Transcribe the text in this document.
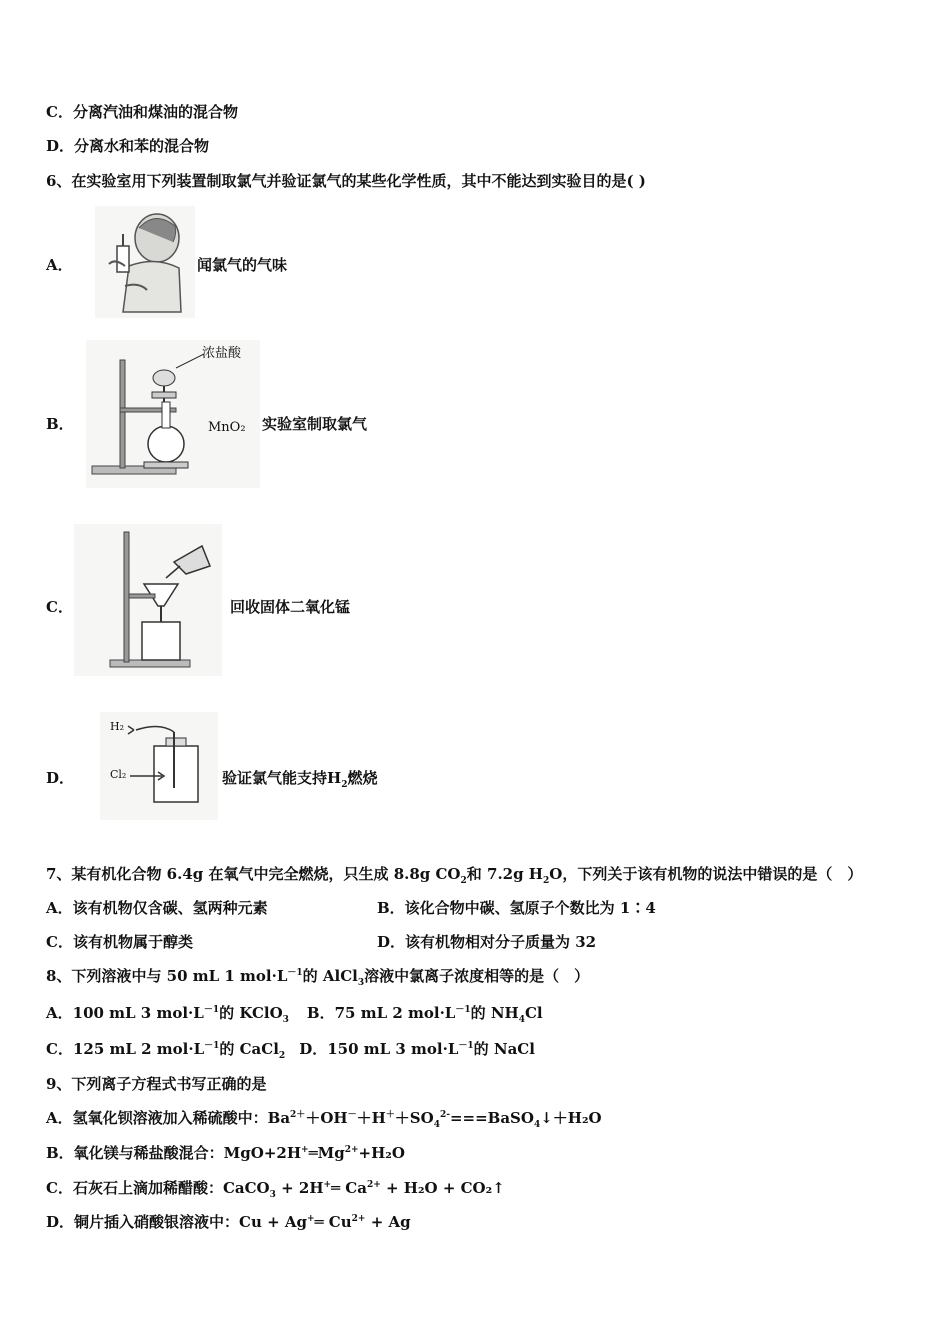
C．分离汽油和煤油的混合物
D．分离水和苯的混合物
6、在实验室用下列装置制取氯气并验证氯气的某些化学性质，其中不能达到实验目的是( )
A．	闻氯气的气味
B．
浓盐酸
MnO₂ 实验室制取氯气
C．	回收固体二氧化锰
D．
H₂
Cl₂	验证氯气能支持$H_2$燃烧
7、某有机化合物 6.4g 在氧气中完全燃烧，只生成 8.8g $CO_2$和 7.2g $H_2O$，下列关于该有机物的说法中错误的是（　）
A．该有机物仅含碳、氢两种元素	B．该化合物中碳、氢原子个数比为 1∶4
C．该有机物属于醇类	D．该有机物相对分子质量为 32
8、下列溶液中与 50 mL 1 $mol\cdot L^{-1}$的 AlCl$_3$溶液中氯离子浓度相等的是（　）
A．100 mL 3 $mol\cdot L^{-1}$的 KClO$_3$ B．75 mL 2 $mol\cdot L^{-1}$的 $NH_4Cl$
C．125 mL 2 $mol\cdot L^{-1}$的 CaCl$_2$ D．150 mL 3 $mol\cdot L^{-1}$的 NaCl
9、下列离子方程式书写正确的是
A．氢氧化钡溶液加入稀硫酸中：$Ba^{2+}+OH^-+H^++SO_4^{2-}===BaSO_4↓+H_2O$
B．氧化镁与稀盐酸混合：$MgO+2H^+═Mg^{2+}+H_2O$
C．石灰石上滴加稀醋酸：CaCO$_3$ + 2H+═ $Ca^{2+} + H_2O$ + CO₂↑
D．铜片插入硝酸银溶液中：Cu + Ag+═ $Cu^{2+} + Ag$
